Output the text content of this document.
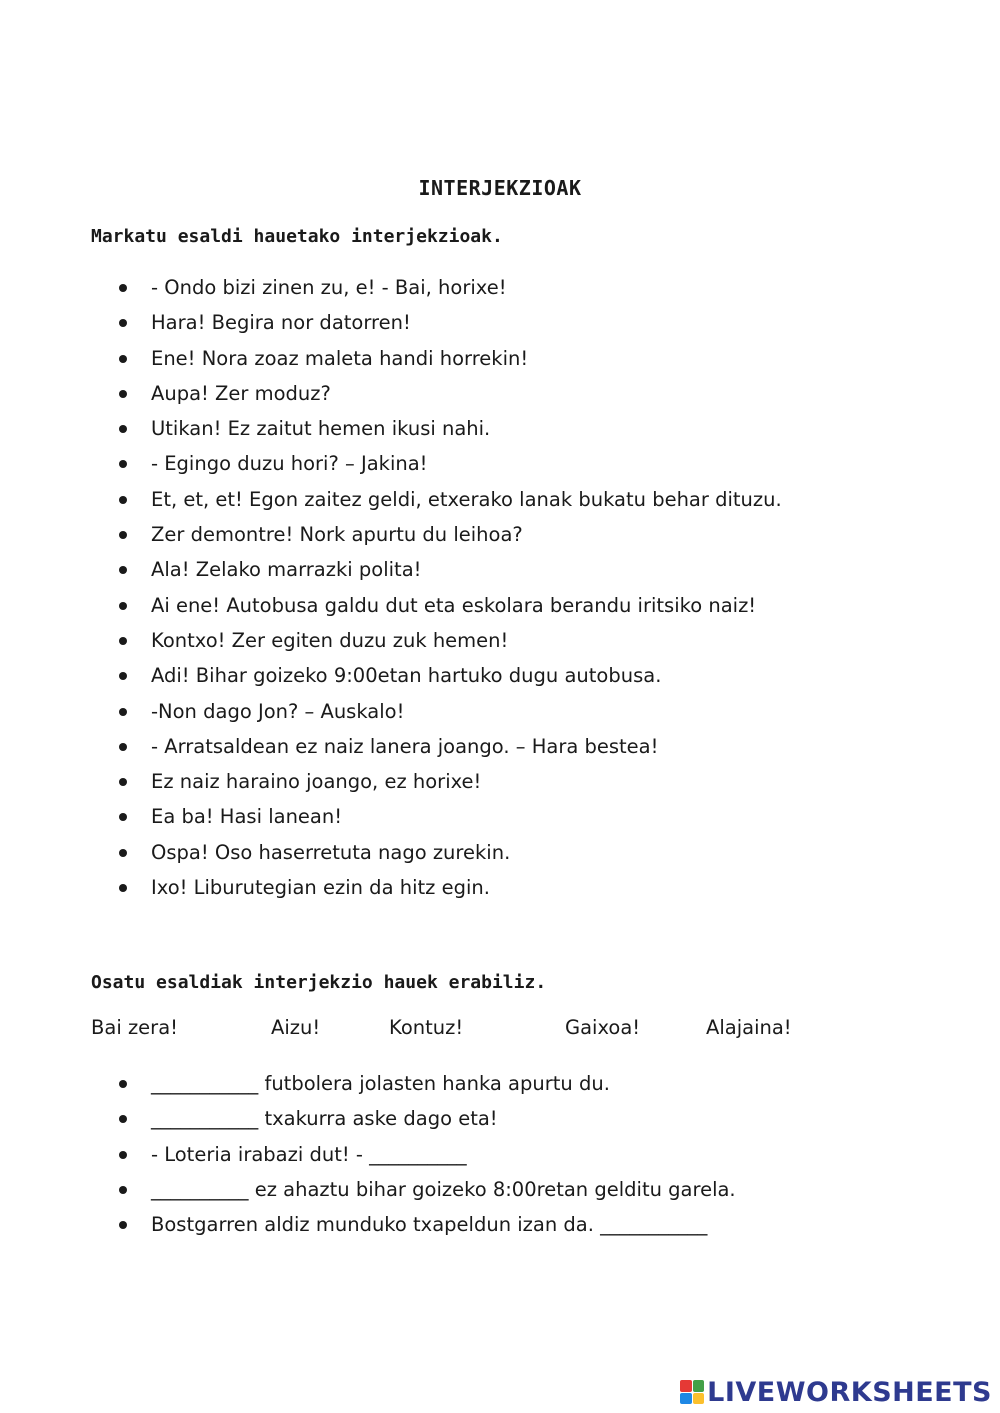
INTERJEKZIOAK
Markatu esaldi hauetako interjekzioak.
- Ondo bizi zinen zu, e! - Bai, horixe!
Hara! Begira nor datorren!
Ene! Nora zoaz maleta handi horrekin!
Aupa! Zer moduz?
Utikan! Ez zaitut hemen ikusi nahi.
- Egingo duzu hori? – Jakina!
Et, et, et! Egon zaitez geldi, etxerako lanak bukatu behar dituzu.
Zer demontre! Nork apurtu du leihoa?
Ala! Zelako marrazki polita!
Ai ene! Autobusa galdu dut eta eskolara berandu iritsiko naiz!
Kontxo! Zer egiten duzu zuk hemen!
Adi! Bihar goizeko 9:00etan hartuko dugu autobusa.
-Non dago Jon? – Auskalo!
- Arratsaldean ez naiz lanera joango. – Hara bestea!
Ez naiz haraino joango, ez horixe!
Ea ba! Hasi lanean!
Ospa! Oso haserretuta nago zurekin.
Ixo! Liburutegian ezin da hitz egin.
Osatu esaldiak interjekzio hauek erabiliz.
Bai zera!	Aizu!	Kontuz!	Gaixoa!	Alajaina!
___________ futbolera jolasten hanka apurtu du.
___________ txakurra aske dago eta!
- Loteria irabazi dut! - __________
__________ ez ahaztu bihar goizeko 8:00retan gelditu garela.
Bostgarren aldiz munduko txapeldun izan da. ___________
LIVEWORKSHEETS
